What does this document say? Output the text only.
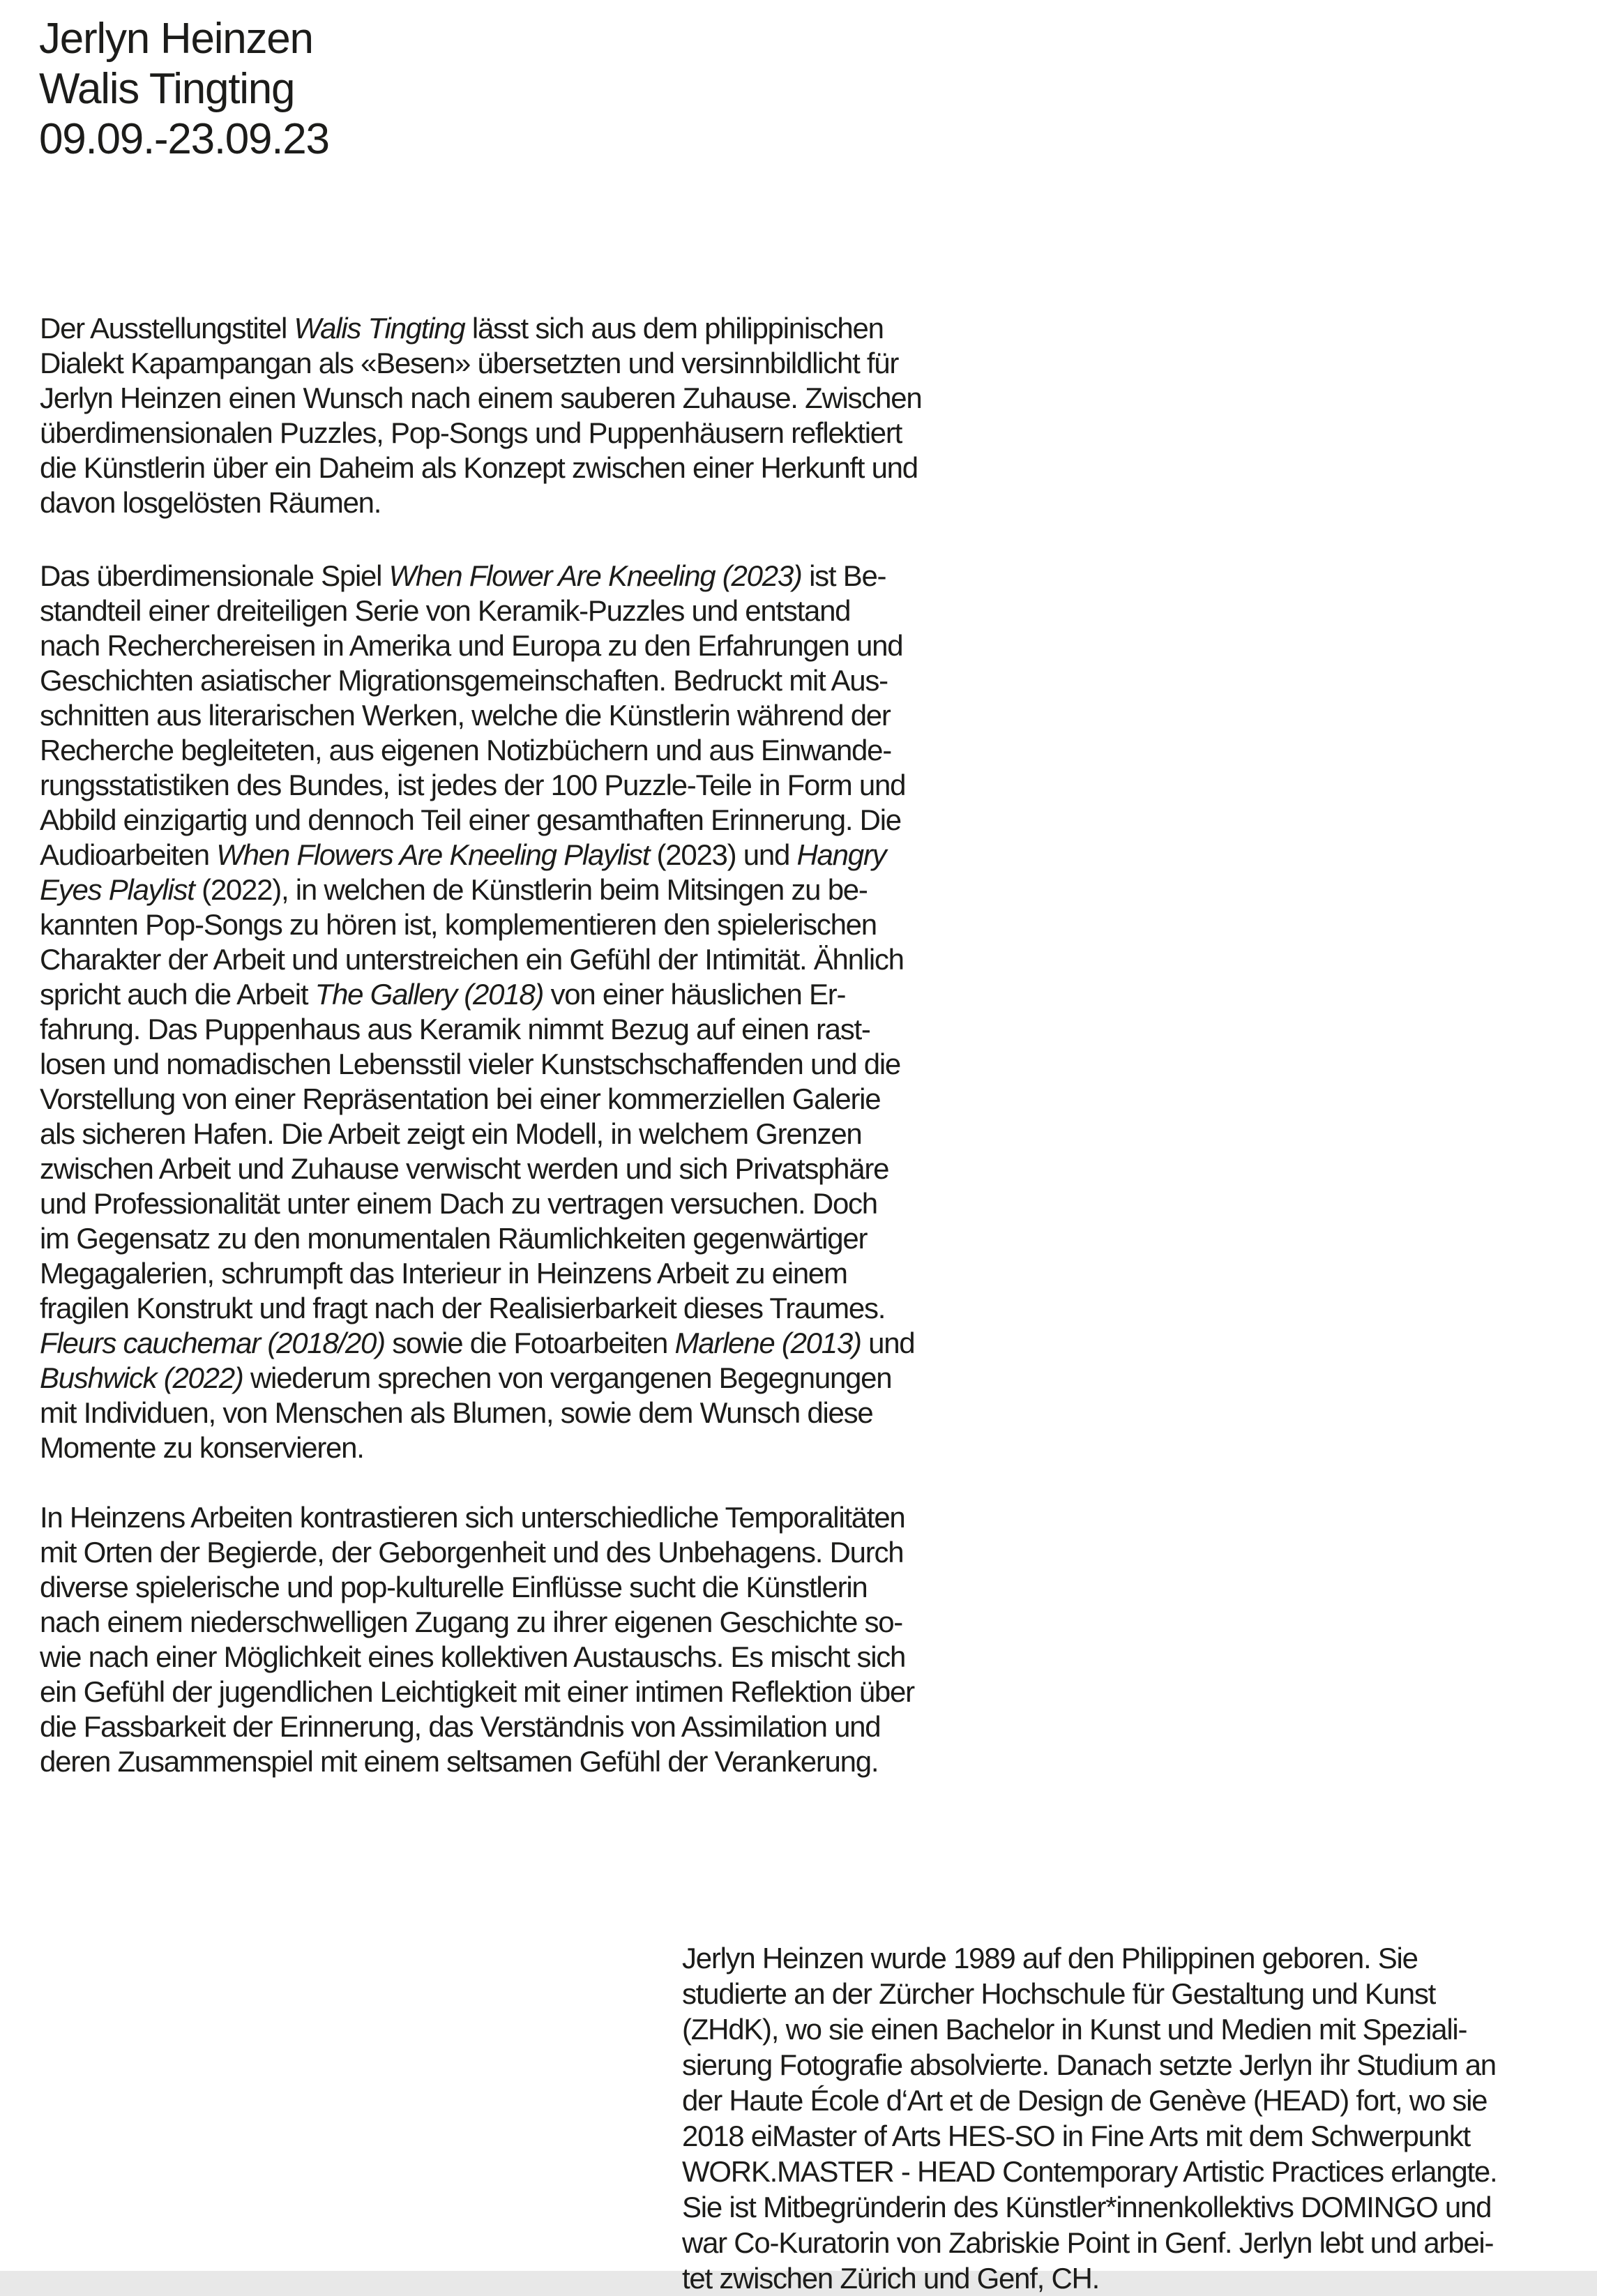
Jerlyn Heinzen
Walis Tingting
09.09.-23.09.23

Der Ausstellungstitel Walis Tingting lässt sich aus dem philippinischen
Dialekt Kapampangan als «Besen» übersetzten und versinnbildlicht für
Jerlyn Heinzen einen Wunsch nach einem sauberen Zuhause. Zwischen
überdimensionalen Puzzles, Pop-Songs und Puppenhäusern reflektiert
die Künstlerin über ein Daheim als Konzept zwischen einer Herkunft und
davon losgelösten Räumen.

Das überdimensionale Spiel When Flower Are Kneeling (2023) ist Be-
standteil einer dreiteiligen Serie von Keramik-Puzzles und entstand
nach Recherchereisen in Amerika und Europa zu den Erfahrungen und
Geschichten asiatischer Migrationsgemeinschaften. Bedruckt mit Aus-
schnitten aus literarischen Werken, welche die Künstlerin während der
Recherche begleiteten, aus eigenen Notizbüchern und aus Einwande-
rungsstatistiken des Bundes, ist jedes der 100 Puzzle-Teile in Form und
Abbild einzigartig und dennoch Teil einer gesamthaften Erinnerung. Die
Audioarbeiten When Flowers Are Kneeling Playlist (2023) und Hangry
Eyes Playlist (2022), in welchen de Künstlerin beim Mitsingen zu be-
kannten Pop-Songs zu hören ist, komplementieren den spielerischen
Charakter der Arbeit und unterstreichen ein Gefühl der Intimität. Ähnlich
spricht auch die Arbeit The Gallery (2018) von einer häuslichen Er-
fahrung. Das Puppenhaus aus Keramik nimmt Bezug auf einen rast-
losen und nomadischen Lebensstil vieler Kunstschschaffenden und die
Vorstellung von einer Repräsentation bei einer kommerziellen Galerie
als sicheren Hafen. Die Arbeit zeigt ein Modell, in welchem Grenzen
zwischen Arbeit und Zuhause verwischt werden und sich Privatsphäre
und Professionalität unter einem Dach zu vertragen versuchen. Doch
im Gegensatz zu den monumentalen Räumlichkeiten gegenwärtiger
Megagalerien, schrumpft das Interieur in Heinzens Arbeit zu einem
fragilen Konstrukt und fragt nach der Realisierbarkeit dieses Traumes.
Fleurs cauchemar (2018/20) sowie die Fotoarbeiten Marlene (2013) und
Bushwick (2022) wiederum sprechen von vergangenen Begegnungen
mit Individuen, von Menschen als Blumen, sowie dem Wunsch diese
Momente zu konservieren.

In Heinzens Arbeiten kontrastieren sich unterschiedliche Temporalitäten
mit Orten der Begierde, der Geborgenheit und des Unbehagens. Durch
diverse spielerische und pop-kulturelle Einflüsse sucht die Künstlerin
nach einem niederschwelligen Zugang zu ihrer eigenen Geschichte so-
wie nach einer Möglichkeit eines kollektiven Austauschs. Es mischt sich
ein Gefühl der jugendlichen Leichtigkeit mit einer intimen Reflektion über
die Fassbarkeit der Erinnerung, das Verständnis von Assimilation und
deren Zusammenspiel mit einem seltsamen Gefühl der Verankerung.

Jerlyn Heinzen wurde 1989 auf den Philippinen geboren. Sie
studierte an der Zürcher Hochschule für Gestaltung und Kunst
(ZHdK), wo sie einen Bachelor in Kunst und Medien mit Speziali-
sierung Fotografie absolvierte. Danach setzte Jerlyn ihr Studium an
der Haute École d‘Art et de Design de Genève (HEAD) fort, wo sie
2018 eiMaster of Arts HES-SO in Fine Arts mit dem Schwerpunkt
WORK.MASTER - HEAD Contemporary Artistic Practices erlangte.
Sie ist Mitbegründerin des Künstler*innenkollektivs DOMINGO und
war Co-Kuratorin von Zabriskie Point in Genf. Jerlyn lebt und arbei-
tet zwischen Zürich und Genf, CH.
